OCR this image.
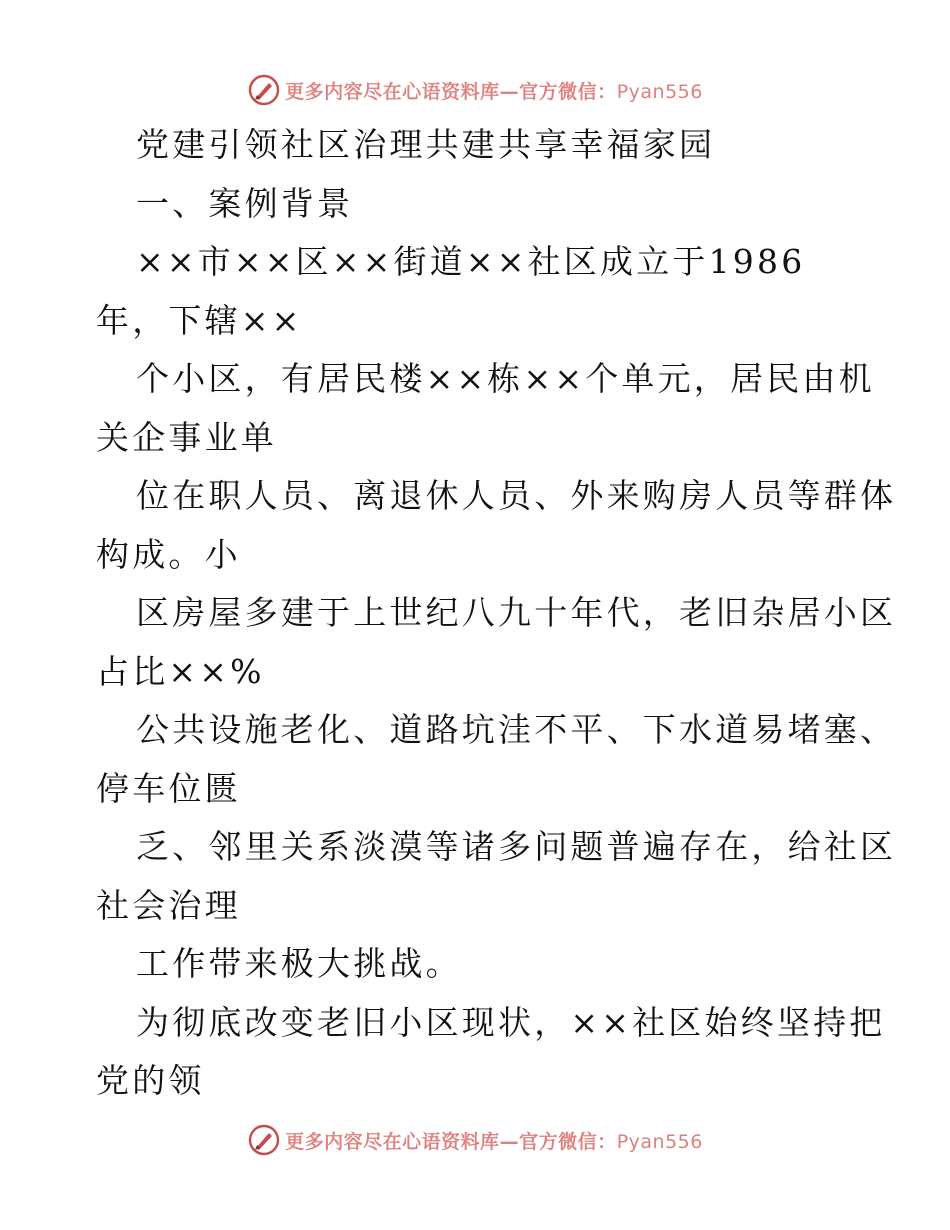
更多内容尽在心语资料库—官方微信：Pyan556
党建引领社区治理共建共享幸福家园
一、案例背景
××市××区××街道××社区成立于1986
年，下辖××
个小区，有居民楼××栋××个单元，居民由机
关企事业单
位在职人员、离退休人员、外来购房人员等群体
构成。小
区房屋多建于上世纪八九十年代，老旧杂居小区
占比××%
公共设施老化、道路坑洼不平、下水道易堵塞、
停车位匮
乏、邻里关系淡漠等诸多问题普遍存在，给社区
社会治理
工作带来极大挑战。
为彻底改变老旧小区现状，××社区始终坚持把
党的领
更多内容尽在心语资料库—官方微信：Pyan556
